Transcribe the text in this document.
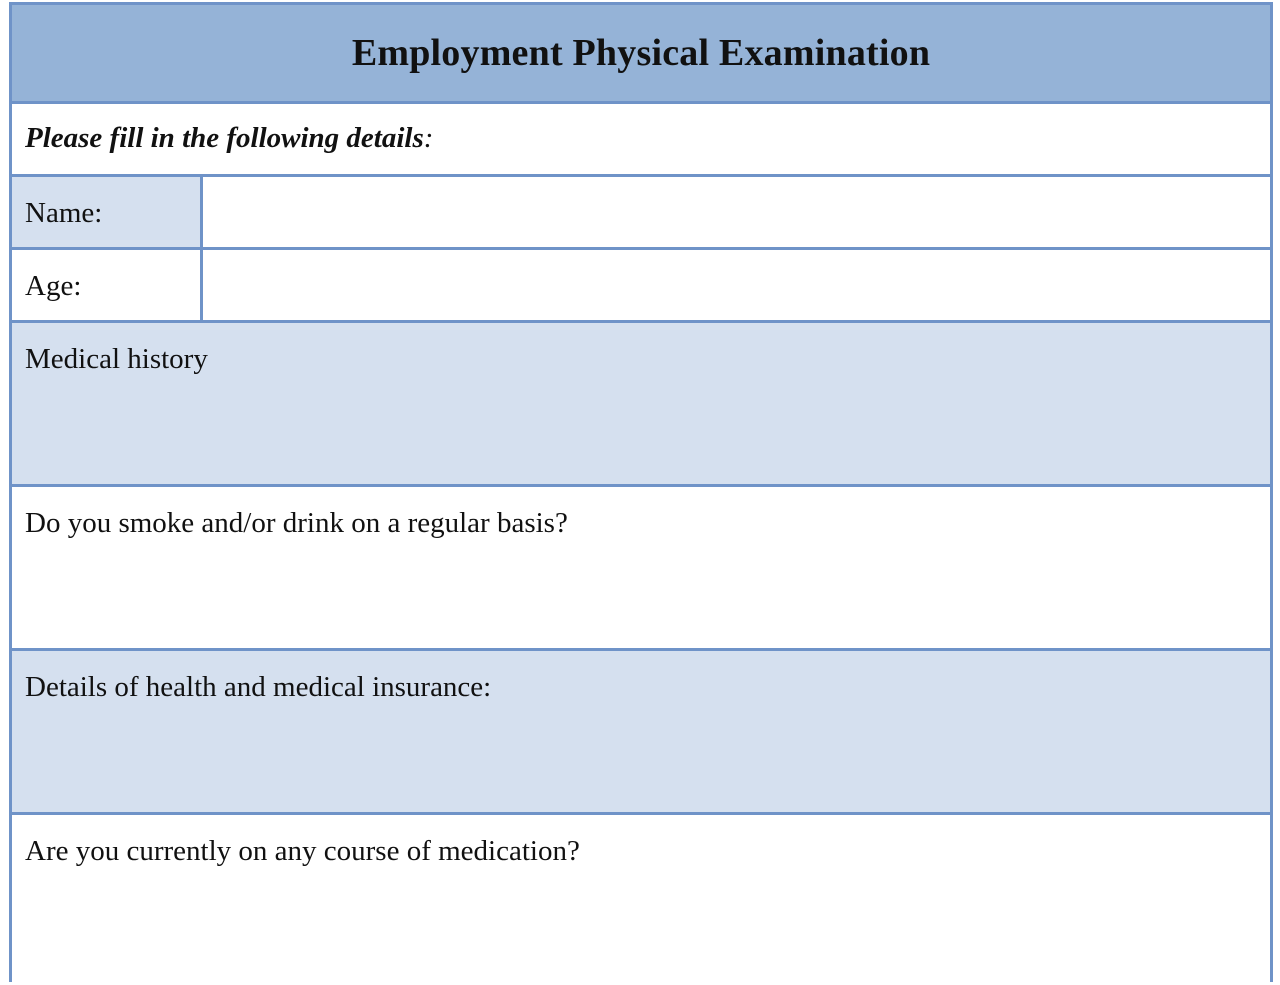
Employment Physical Examination
Please fill in the following details:
Name:
Age:
Medical history
Do you smoke and/or drink on a regular basis?
Details of health and medical insurance:
Are you currently on any course of medication?
